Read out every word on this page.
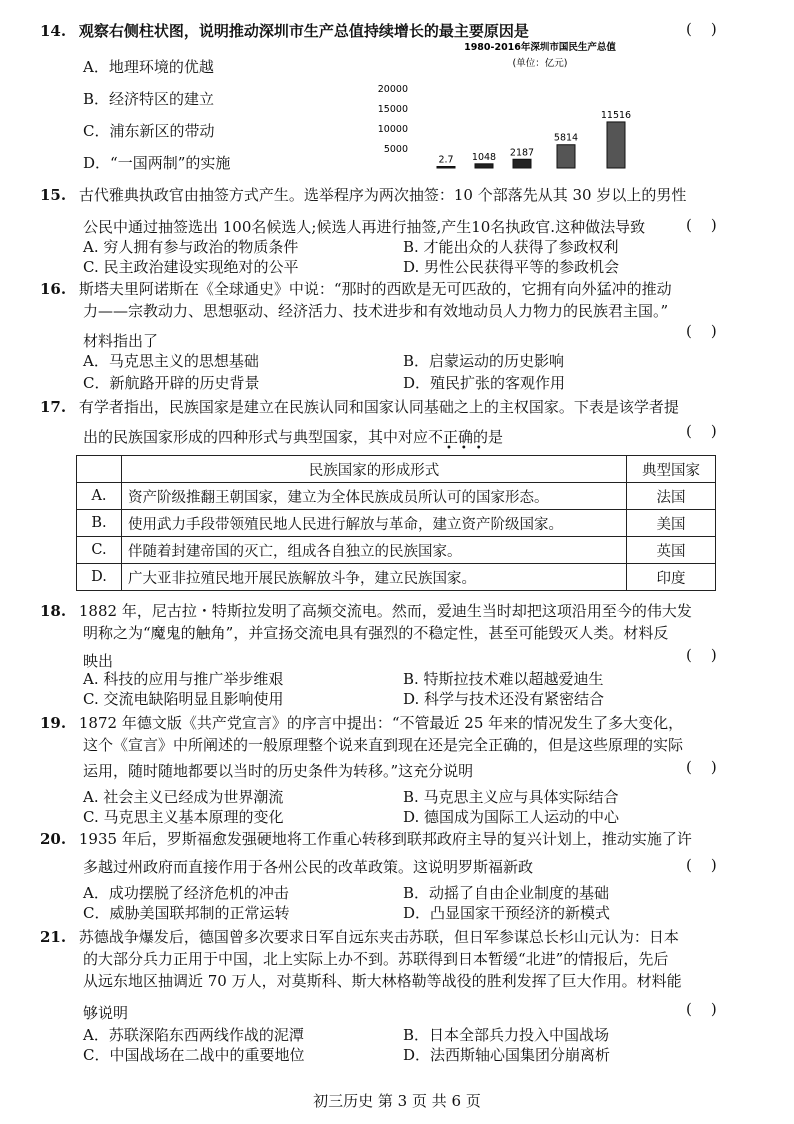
14. 观察右侧柱状图，说明推动深圳市生产总值持续增长的最主要原因是	(    )
A．地理环境的优越
B．经济特区的建立
C．浦东新区的带动
D．“一国两制”的实施
1980-2016年深圳市国民生产总值
(单位：亿元)
20000
15000
10000
5000
2.7 1048 2187
5814
11516
15. 古代雅典执政官由抽签方式产生。选举程序为两次抽签：10 个部落先从其 30 岁以上的男性
公民中通过抽签选出 100名候选人;候选人再进行抽签,产生10名执政官.这种做法导致	(    )
A. 穷人拥有参与政治的物质条件	B. 才能出众的人获得了参政权利
C. 民主政治建设实现绝对的公平	D. 男性公民获得平等的参政机会
16. 斯塔夫里阿诺斯在《全球通史》中说：“那时的西欧是无可匹敌的，它拥有向外猛冲的推动
力——宗教动力、思想驱动、经济活力、技术进步和有效地动员人力物力的民族君主国。”
材料指出了
(    )
A．马克思主义的思想基础	B．启蒙运动的历史影响
C．新航路开辟的历史背景	D．殖民扩张的客观作用
17. 有学者指出，民族国家是建立在民族认同和国家认同基础之上的主权国家。下表是该学者提
出的民族国家形成的四种形式与典型国家，其中对应不正确的是
•••
(    )
	民族国家的形成形式	典型国家
A.	资产阶级推翻王朝国家，建立为全体民族成员所认可的国家形态。	法国
B.	使用武力手段带领殖民地人民进行解放与革命，建立资产阶级国家。	美国
C.	伴随着封建帝国的灭亡，组成各自独立的民族国家。	英国
D.	广大亚非拉殖民地开展民族解放斗争，建立民族国家。	印度
18. 1882 年，尼古拉・特斯拉发明了高频交流电。然而，爱迪生当时却把这项沿用至今的伟大发
明称之为“魔鬼的触角”，并宣扬交流电具有强烈的不稳定性，甚至可能毁灭人类。材料反
映出	(    )
A. 科技的应用与推广举步维艰	B. 特斯拉技术难以超越爱迪生
C. 交流电缺陷明显且影响使用	D. 科学与技术还没有紧密结合
19. 1872 年德文版《共产党宣言》的序言中提出：“不管最近 25 年来的情况发生了多大变化，
这个《宣言》中所阐述的一般原理整个说来直到现在还是完全正确的，但是这些原理的实际
运用，随时随地都要以当时的历史条件为转移。”这充分说明	(    )
A. 社会主义已经成为世界潮流	B. 马克思主义应与具体实际结合
C. 马克思主义基本原理的变化	D. 德国成为国际工人运动的中心
20. 1935 年后，罗斯福愈发强硬地将工作重心转移到联邦政府主导的复兴计划上，推动实施了许
多越过州政府而直接作用于各州公民的改革政策。这说明罗斯福新政	(    )
A．成功摆脱了经济危机的冲击	B．动摇了自由企业制度的基础
C．威胁美国联邦制的正常运转	D．凸显国家干预经济的新模式
21. 苏德战争爆发后，德国曾多次要求日军自远东夹击苏联，但日军参谋总长杉山元认为：日本
的大部分兵力正用于中国，北上实际上办不到。苏联得到日本暂缓“北进”的情报后，先后
从远东地区抽调近 70 万人，对莫斯科、斯大林格勒等战役的胜利发挥了巨大作用。材料能
够说明	(    )
A．苏联深陷东西两线作战的泥潭	B．日本全部兵力投入中国战场
C．中国战场在二战中的重要地位	D．法西斯轴心国集团分崩离析
初三历史 第 3 页 共 6 页
